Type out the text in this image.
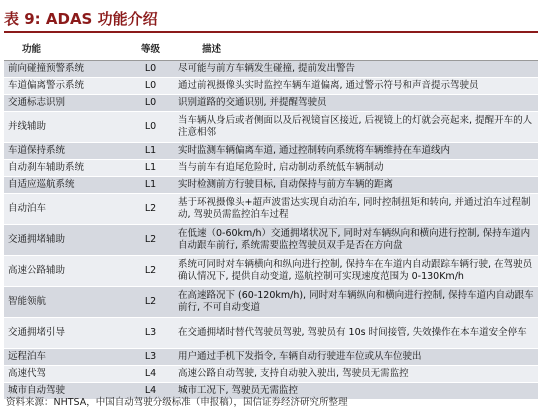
表 9: ADAS 功能介绍
功能	等级	描述
前向碰撞预警系统	L0	尽可能与前方车辆发生碰撞, 提前发出警告
车道偏离警示系统	L0	通过前视摄像头实时监控车辆车道偏离, 通过警示符号和声音提示驾驶员
交通标志识别	L0	识别道路的交通识别, 并提醒驾驶员
并线辅助	L0	当车辆从身后或者侧面以及后视镜盲区接近, 后视镜上的灯就会亮起来, 提醒开车的人注意相邻
车道保持系统	L1	实时监测车辆偏离车道, 通过控制转向系统将车辆维持在车道线内
自动刹车辅助系统	L1	当与前车有追尾危险时, 启动制动系统低车辆制动
自适应巡航系统	L1	实时检测前方行驶目标, 自动保持与前方车辆的距离
自动泊车	L2	基于环视摄像头+超声波雷达实现自动泊车, 同时控制扭矩和转向, 并通过泊车过程制动, 驾驶员需监控泊车过程
交通拥堵辅助	L2	在低速（0-60km/h）交通拥堵状况下, 同时对车辆纵向和横向进行控制, 保持车道内自动跟车前行, 系统需要监控驾驶员双手是否在方向盘
高速公路辅助	L2	系统可同时对车辆横向和纵向进行控制, 保持车在车道内自动跟踪车辆行驶, 在驾驶员确认情况下, 提供自动变道, 巡航控制可实现速度范围为 0-130Km/h
智能领航	L2	在高速路况下 (60-120km/h), 同时对车辆纵向和横向进行控制, 保持车道内自动跟车前行, 不可自动变道
交通拥堵引导	L3	在交通拥堵时替代驾驶员驾驶, 驾驶员有 10s 时间接管, 失效操作在本车道安全停车
远程泊车	L3	用户通过手机下发指令, 车辆自动行驶进车位或从车位驶出
高速代驾	L4	高速公路自动驾驶, 支持自动驶入驶出, 驾驶员无需监控
城市自动驾驶	L4	城市工况下, 驾驶员无需监控
资料来源：NHTSA，中国自动驾驶分级标准（申报稿），国信证券经济研究所整理
